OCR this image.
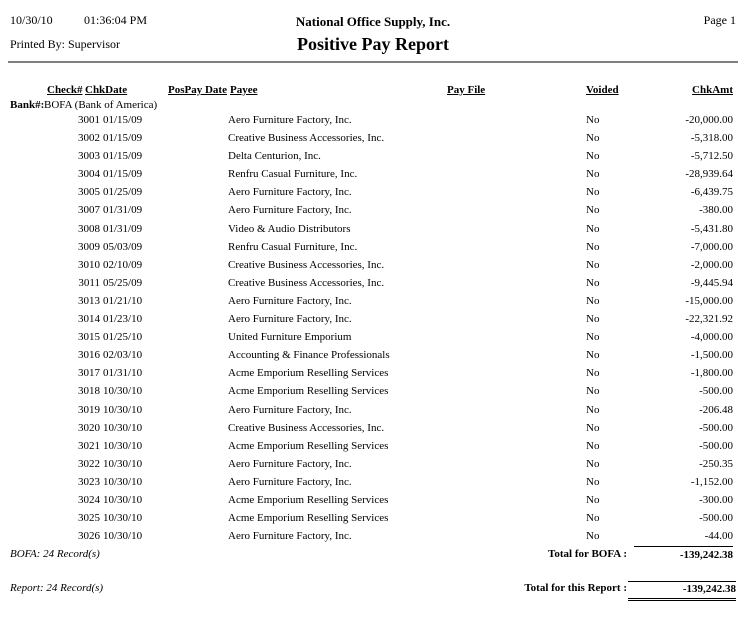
10/30/10	01:36:04 PM
Printed By: Supervisor
National Office Supply, Inc.
Positive Pay Report
Page 1
Check# ChkDate	PosPay Date Payee	Pay File	Voided	ChkAmt
Bank#: BOFA (Bank of America)
3001 01/15/09	Aero Furniture Factory, Inc.	No	-20,000.00
3002 01/15/09	Creative Business Accessories, Inc.	No	-5,318.00
3003 01/15/09	Delta Centurion, Inc.	No	-5,712.50
3004 01/15/09	Renfru Casual Furniture, Inc.	No	-28,939.64
3005 01/25/09	Aero Furniture Factory, Inc.	No	-6,439.75
3007 01/31/09	Aero Furniture Factory, Inc.	No	-380.00
3008 01/31/09	Video & Audio Distributors	No	-5,431.80
3009 05/03/09	Renfru Casual Furniture, Inc.	No	-7,000.00
3010 02/10/09	Creative Business Accessories, Inc.	No	-2,000.00
3011 05/25/09	Creative Business Accessories, Inc.	No	-9,445.94
3013 01/21/10	Aero Furniture Factory, Inc.	No	-15,000.00
3014 01/23/10	Aero Furniture Factory, Inc.	No	-22,321.92
3015 01/25/10	United Furniture Emporium	No	-4,000.00
3016 02/03/10	Accounting & Finance Professionals	No	-1,500.00
3017 01/31/10	Acme Emporium Reselling Services	No	-1,800.00
3018 10/30/10	Acme Emporium Reselling Services	No	-500.00
3019 10/30/10	Aero Furniture Factory, Inc.	No	-206.48
3020 10/30/10	Creative Business Accessories, Inc.	No	-500.00
3021 10/30/10	Acme Emporium Reselling Services	No	-500.00
3022 10/30/10	Aero Furniture Factory, Inc.	No	-250.35
3023 10/30/10	Aero Furniture Factory, Inc.	No	-1,152.00
3024 10/30/10	Acme Emporium Reselling Services	No	-300.00
3025 10/30/10	Acme Emporium Reselling Services	No	-500.00
3026 10/30/10	Aero Furniture Factory, Inc.	No	-44.00
BOFA: 24 Record(s)	Total for BOFA :	-139,242.38
Report: 24 Record(s)	Total for this Report :	-139,242.38
